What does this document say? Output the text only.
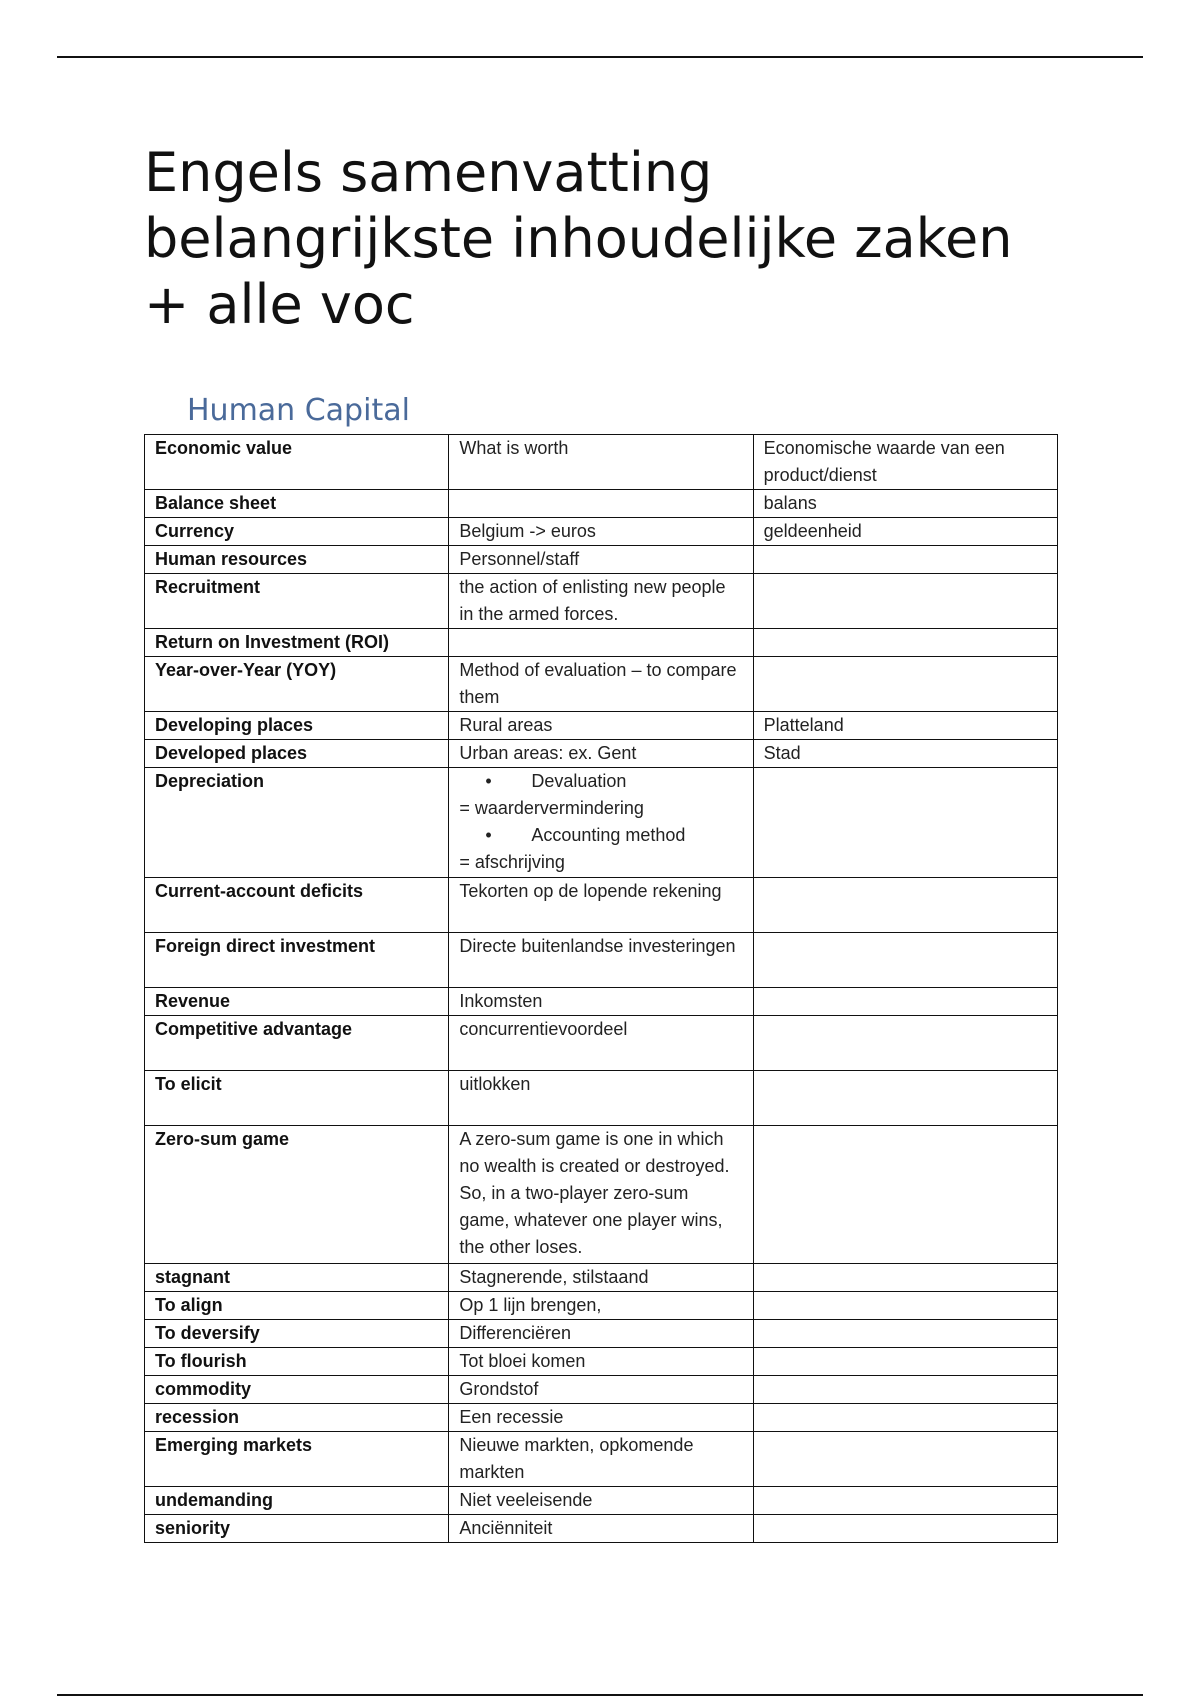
Engels samenvatting
belangrijkste inhoudelijke zaken
+ alle voc
Human Capital
Economic value	What is worth	Economische waarde van een product/dienst
Balance sheet		balans
Currency	Belgium -> euros	geldeenheid
Human resources	Personnel/staff	
Recruitment	the action of enlisting new people in the armed forces.	
Return on Investment (ROI)		
Year-over-Year (YOY)	Method of evaluation – to compare them	
Developing places	Rural areas	Platteland
Developed places	Urban areas: ex. Gent	Stad
Depreciation	• Devaluation
= waardervermindering
• Accounting method
= afschrijving

Current-account deficits	Tekorten op de lopende rekening	
Foreign direct investment	Directe buitenlandse investeringen	
Revenue	Inkomsten	
Competitive advantage	concurrentievoordeel	
To elicit	uitlokken	
Zero-sum game	A zero-sum game is one in which no wealth is created or destroyed. So, in a two-player zero-sum game, whatever one player wins, the other loses.	
stagnant	Stagnerende, stilstaand	
To align	Op 1 lijn brengen,	
To deversify	Differenciëren	
To flourish	Tot bloei komen	
commodity	Grondstof	
recession	Een recessie	
Emerging markets	Nieuwe markten, opkomende markten	
undemanding	Niet veeleisende	
seniority	Anciënniteit	
